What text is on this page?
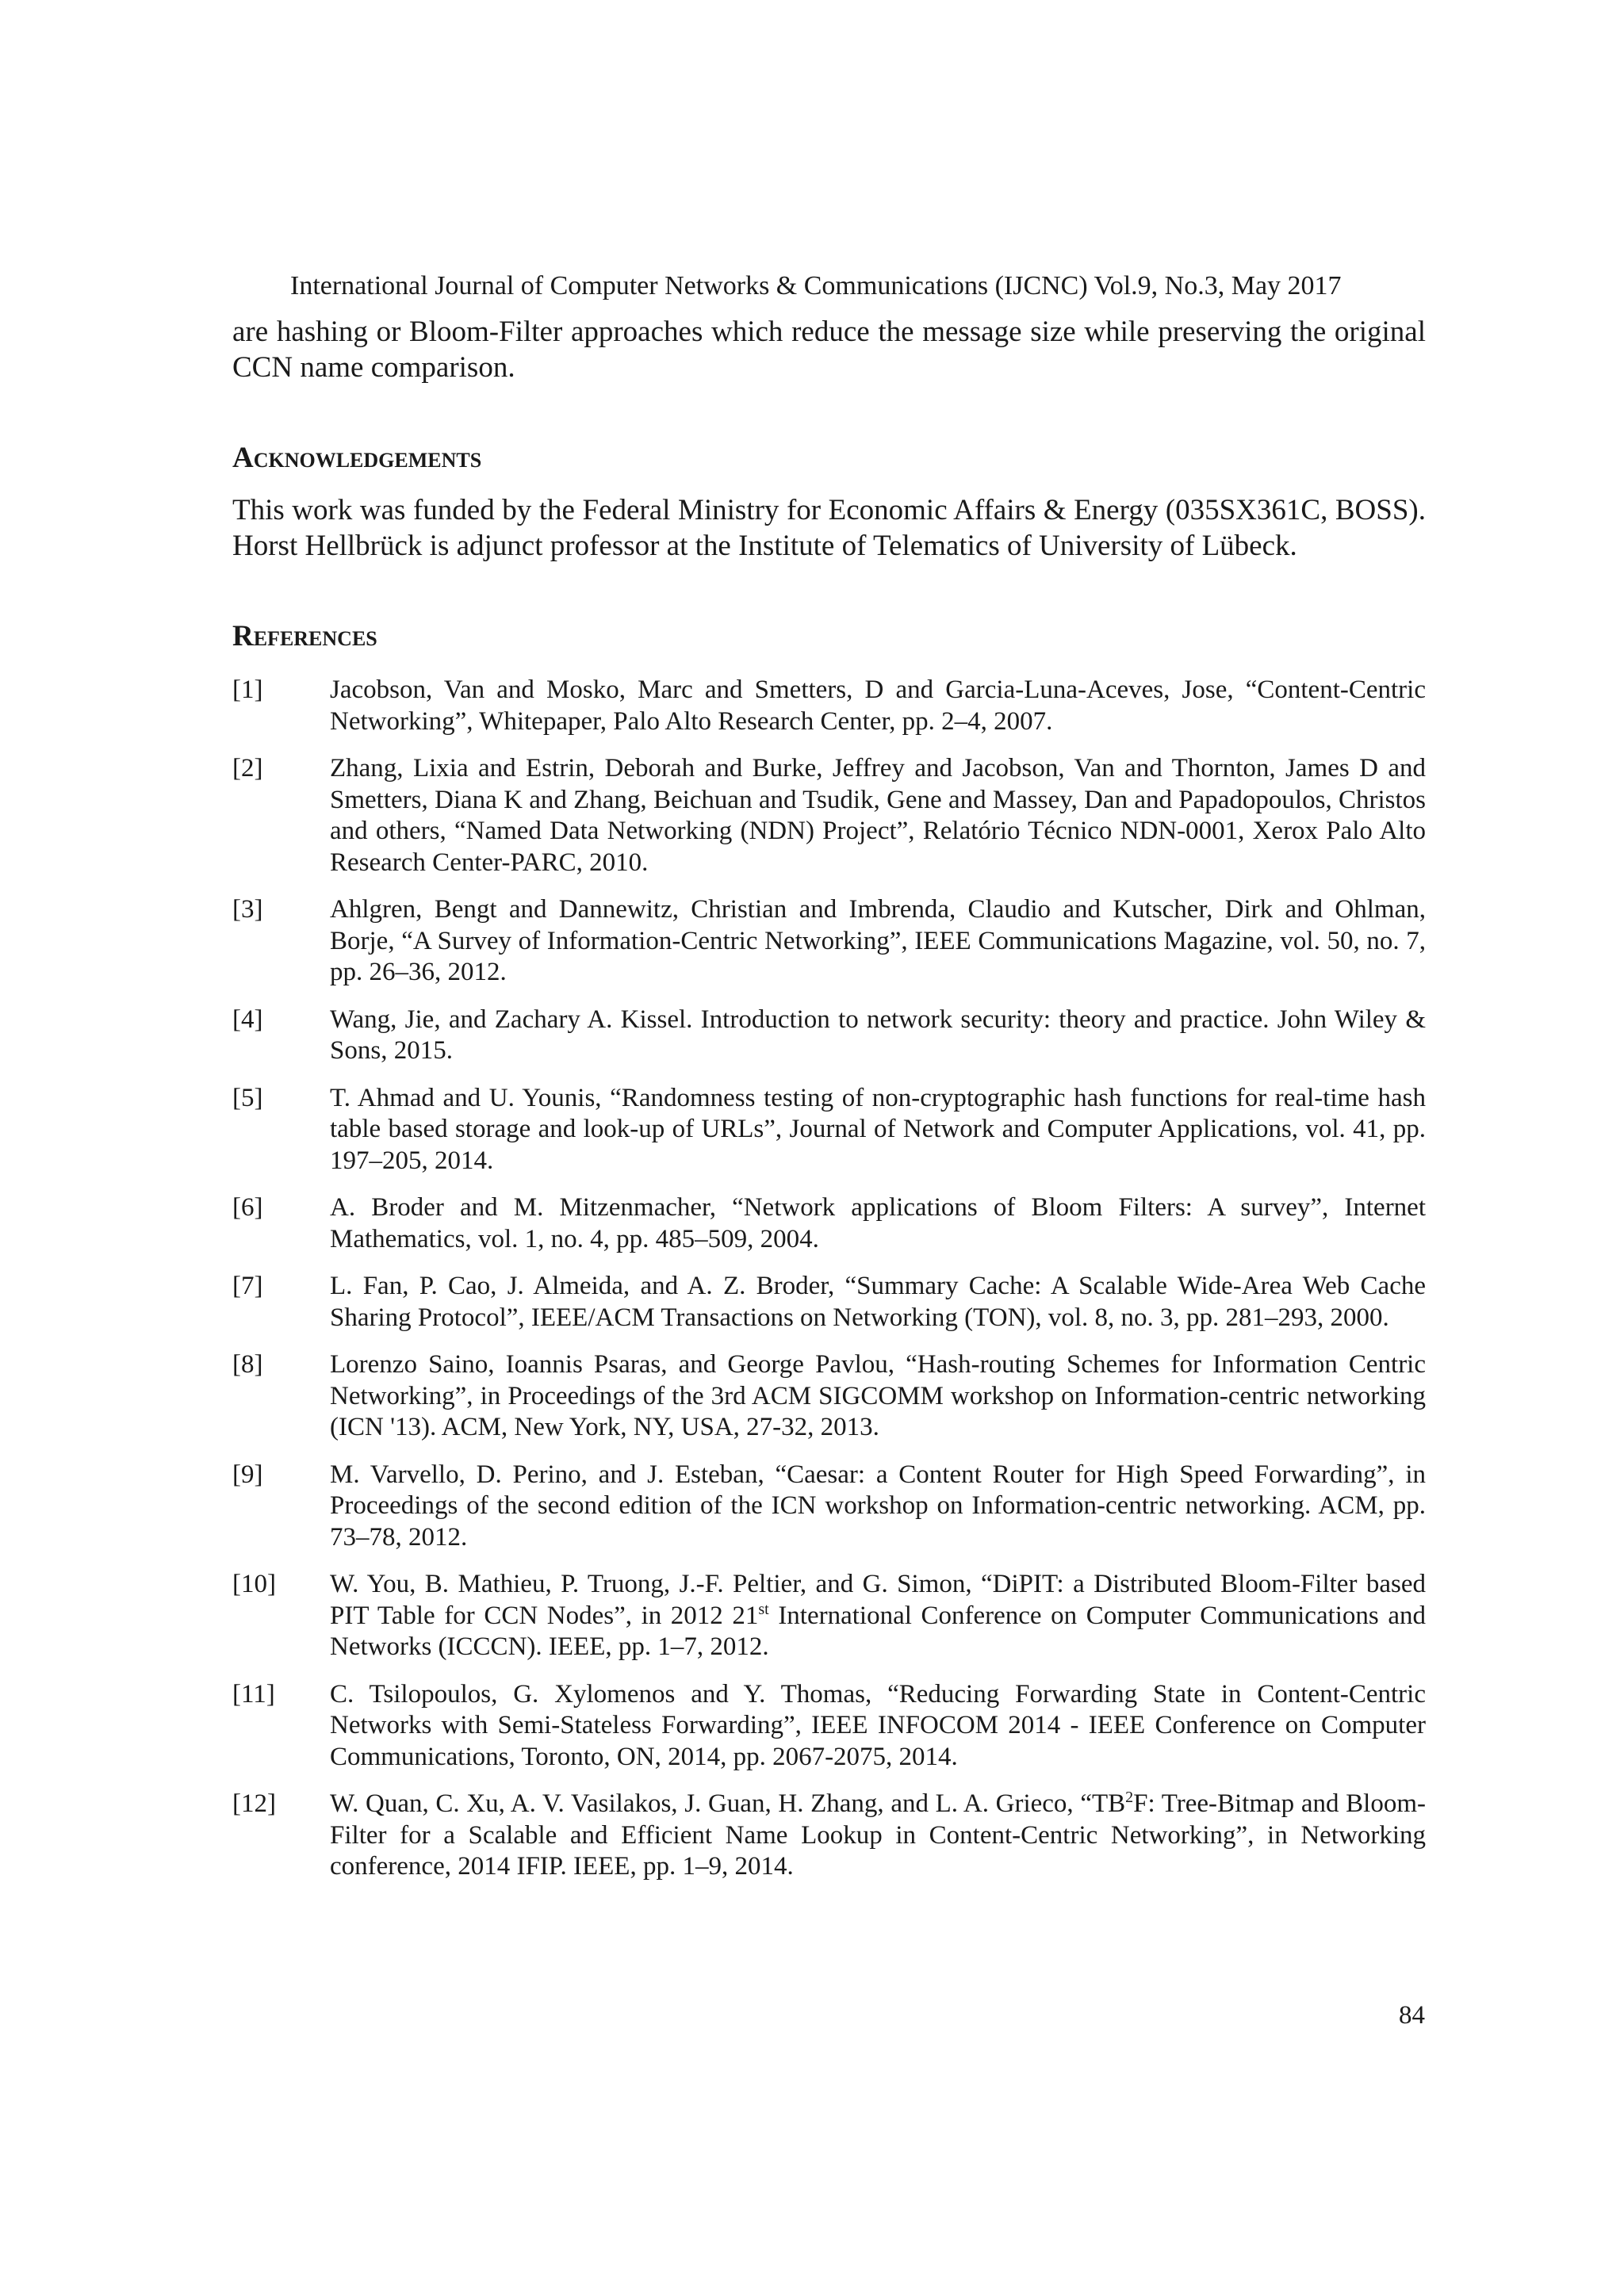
International Journal of Computer Networks & Communications (IJCNC) Vol.9, No.3, May 2017

are hashing or Bloom-Filter approaches which reduce the message size while preserving the original CCN name comparison.

Acknowledgements

This work was funded by the Federal Ministry for Economic Affairs & Energy (035SX361C, BOSS). Horst Hellbrück is adjunct professor at the Institute of Telematics of University of Lübeck.

References
[1]	Jacobson, Van and Mosko, Marc and Smetters, D and Garcia-Luna-Aceves, Jose, “Content-Centric Networking”, Whitepaper, Palo Alto Research Center, pp. 2–4, 2007.
[2]	Zhang, Lixia and Estrin, Deborah and Burke, Jeffrey and Jacobson, Van and Thornton, James D and Smetters, Diana K and Zhang, Beichuan and Tsudik, Gene and Massey, Dan and Papadopoulos, Christos and others, “Named Data Networking (NDN) Project”, Relatório Técnico NDN-0001, Xerox Palo Alto Research Center-PARC, 2010.
[3]	Ahlgren, Bengt and Dannewitz, Christian and Imbrenda, Claudio and Kutscher, Dirk and Ohlman, Borje, “A Survey of Information-Centric Networking”, IEEE Communications Magazine, vol. 50, no. 7, pp. 26–36, 2012.
[4]	Wang, Jie, and Zachary A. Kissel. Introduction to network security: theory and practice. John Wiley & Sons, 2015.
[5]	T. Ahmad and U. Younis, “Randomness testing of non-cryptographic hash functions for real-time hash table based storage and look-up of URLs”, Journal of Network and Computer Applications, vol. 41, pp. 197–205, 2014.
[6]	A. Broder and M. Mitzenmacher, “Network applications of Bloom Filters: A survey”, Internet Mathematics, vol. 1, no. 4, pp. 485–509, 2004.
[7]	L. Fan, P. Cao, J. Almeida, and A. Z. Broder, “Summary Cache: A Scalable Wide-Area Web Cache Sharing Protocol”, IEEE/ACM Transactions on Networking (TON), vol. 8, no. 3, pp. 281–293, 2000.
[8]	Lorenzo Saino, Ioannis Psaras, and George Pavlou, “Hash-routing Schemes for Information Centric Networking”, in Proceedings of the 3rd ACM SIGCOMM workshop on Information-centric networking (ICN '13). ACM, New York, NY, USA, 27-32, 2013.
[9]	M. Varvello, D. Perino, and J. Esteban, “Caesar: a Content Router for High Speed Forwarding”, in Proceedings of the second edition of the ICN workshop on Information-centric networking. ACM, pp. 73–78, 2012.
[10]	W. You, B. Mathieu, P. Truong, J.-F. Peltier, and G. Simon, “DiPIT: a Distributed Bloom-Filter based PIT Table for CCN Nodes”, in 2012 21st International Conference on Computer Communications and Networks (ICCCN). IEEE, pp. 1–7, 2012.
[11]	C. Tsilopoulos, G. Xylomenos and Y. Thomas, “Reducing Forwarding State in Content-Centric Networks with Semi-Stateless Forwarding”, IEEE INFOCOM 2014 - IEEE Conference on Computer Communications, Toronto, ON, 2014, pp. 2067-2075, 2014.
[12]	W. Quan, C. Xu, A. V. Vasilakos, J. Guan, H. Zhang, and L. A. Grieco, “$TB^2F$: Tree-Bitmap and Bloom-Filter for a Scalable and Efficient Name Lookup in Content-Centric Networking”, in Networking conference, 2014 IFIP. IEEE, pp. 1–9, 2014.
84
